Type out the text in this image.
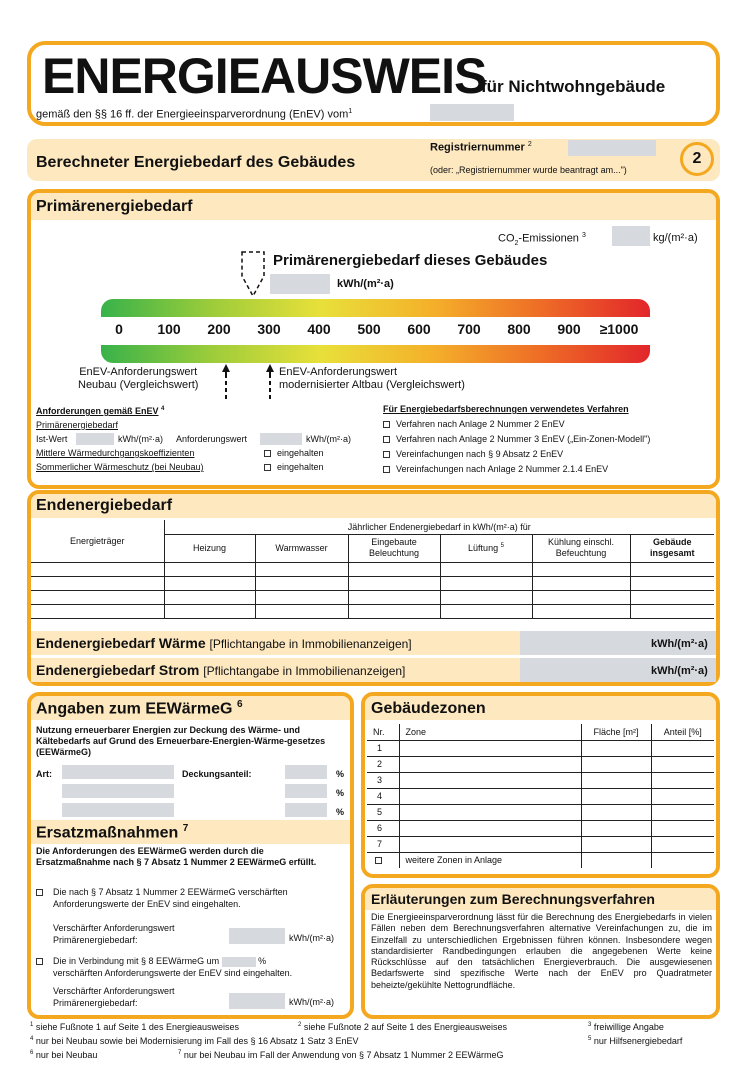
ENERGIEAUSWEIS
für Nichtwohngebäude
gemäß den §§ 16 ff. der Energieeinsparverordnung (EnEV) vom$^1$
Berechneter Energiebedarf des Gebäudes
Registriernummer $^2$
(oder: „Registriernummer wurde beantragt am...")
2
Primärenergiebedarf
$CO_2$-Emissionen $^3$	kg/(m²·a)
Primärenergiebedarf dieses Gebäudes
kWh/(m²·a)
0 100 200 300 400 500 600 700 800 900 ≥1000
EnEV-Anforderungswert
Neubau (Vergleichswert)
EnEV-Anforderungswert
modernisierter Altbau (Vergleichswert)
Anforderungen gemäß EnEV $^4$
Primärenergiebedarf
Ist-Wert	kWh/(m²·a) Anforderungswert	kWh/(m²·a)
Mittlere Wärmedurchgangskoeffizienten	eingehalten
Sommerlicher Wärmeschutz (bei Neubau)	eingehalten
Für Energiebedarfsberechnungen verwendetes Verfahren
Verfahren nach Anlage 2 Nummer 2 EnEV
Verfahren nach Anlage 2 Nummer 3 EnEV („Ein-Zonen-Modell")
Vereinfachungen nach § 9 Absatz 2 EnEV
Vereinfachungen nach Anlage 2 Nummer 2.1.4 EnEV
Endenergiebedarf
Energieträger	Jährlicher Endenergiebedarf in kWh/(m²·a) für					
	Heizung	Warmwasser	Eingebaute Beleuchtung	Lüftung $^5$	Kühlung einschl. Befeuchtung	Gebäude insgesamt

Endenergiebedarf Wärme [Pflichtangabe in Immobilienanzeigen]	kWh/(m²·a)
Endenergiebedarf Strom [Pflichtangabe in Immobilienanzeigen]	kWh/(m²·a)
Angaben zum EEWärmeG $^6$
Nutzung erneuerbarer Energien zur Deckung des Wärme- und Kältebedarfs auf Grund des Erneuerbare-Energien-Wärme-gesetzes (EEWärmeG)
Art:	Deckungsanteil:	%
%
%
Ersatzmaßnahmen $^7$
Die Anforderungen des EEWärmeG werden durch die Ersatzmaßnahme nach § 7 Absatz 1 Nummer 2 EEWärmeG erfüllt.
Die nach § 7 Absatz 1 Nummer 2 EEWärmeG verschärften Anforderungswerte der EnEV sind eingehalten.
Verschärfter Anforderungswert
Primärenergiebedarf:	kWh/(m²·a)
Die in Verbindung mit § 8 EEWärmeG um	%
verschärften Anforderungswerte der EnEV sind eingehalten.
Verschärfter Anforderungswert
Primärenergiebedarf:	kWh/(m²·a)
Gebäudezonen
Nr.	Zone	Fläche [m²]	Anteil [%]
1			
2			
3			
4			
5			
6			
7			
	weitere Zonen in Anlage		
Erläuterungen zum Berechnungsverfahren
Die Energieeinsparverordnung lässt für die Berechnung des Energiebedarfs in vielen Fällen neben dem Berechnungsverfahren alternative Vereinfachungen zu, die im Einzelfall zu unterschiedlichen Ergebnissen führen können. Insbesondere wegen standardisierter Randbedingungen erlauben die angegebenen Werte keine Rückschlüsse auf den tatsächlichen Energieverbrauch. Die ausgewiesenen Bedarfswerte sind spezifische Werte nach der EnEV pro Quadratmeter beheizte/gekühlte Nettogrundfläche.
$^1$ siehe Fußnote 1 auf Seite 1 des Energieausweises	$^2$ siehe Fußnote 2 auf Seite 1 des Energieausweises	$^3$ freiwillige Angabe
$^4$ nur bei Neubau sowie bei Modernisierung im Fall des § 16 Absatz 1 Satz 3 EnEV	$^5$ nur Hilfsenergiebedarf
$^6$ nur bei Neubau	$^7$ nur bei Neubau im Fall der Anwendung von § 7 Absatz 1 Nummer 2 EEWärmeG
